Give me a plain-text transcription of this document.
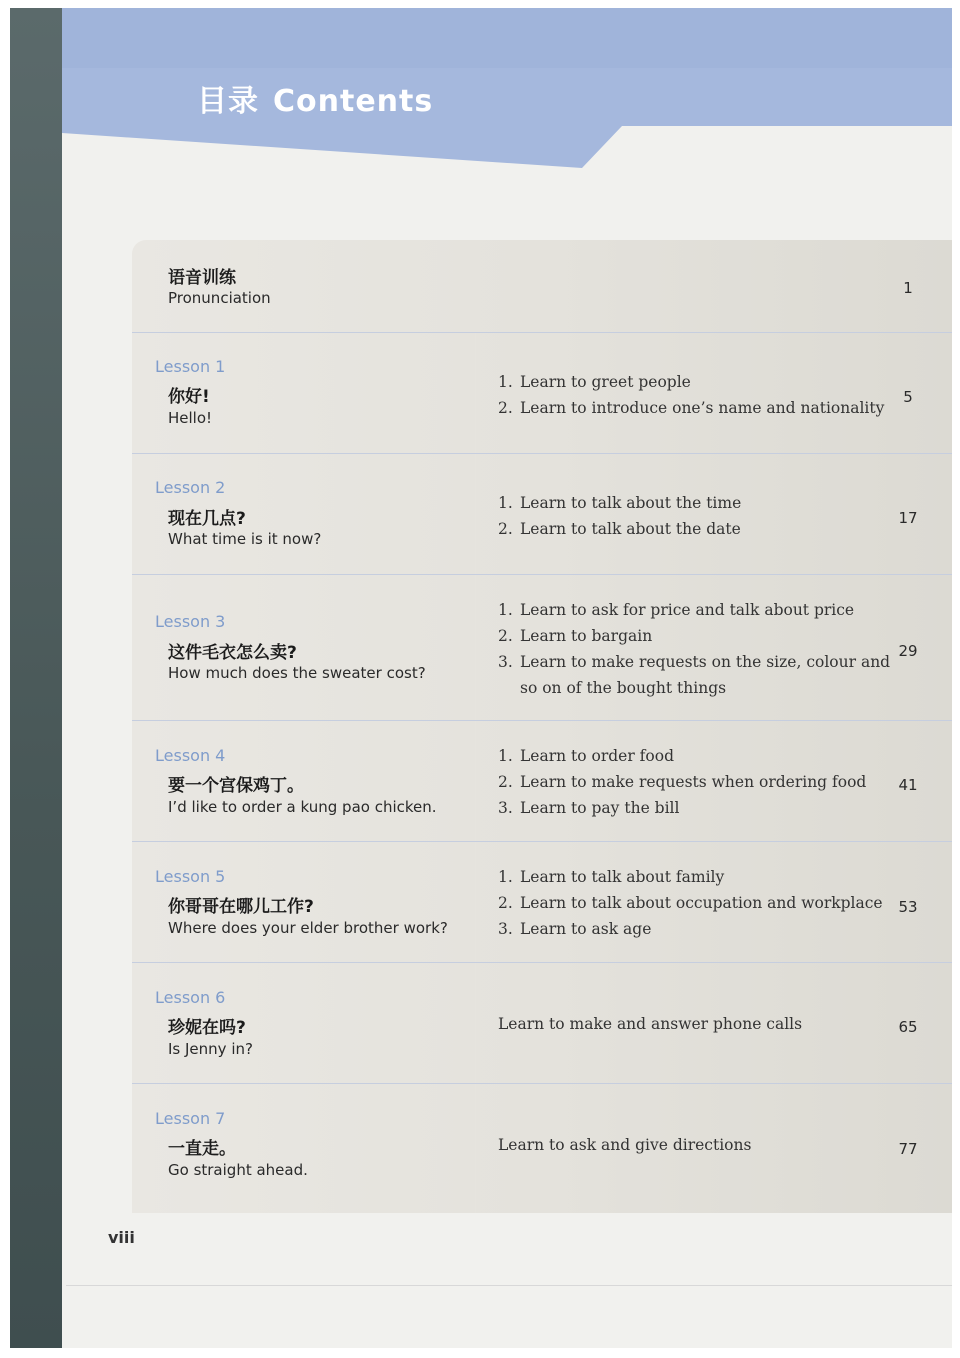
目录 Contents
语音训练
Pronunciation
1
Lesson 1
你好!
Hello!
1. Learn to greet people
2. Learn to introduce one’s name and nationality
5
Lesson 2
现在几点?
What time is it now?
1. Learn to talk about the time
2. Learn to talk about the date
17
Lesson 3
这件毛衣怎么卖?
How much does the sweater cost?
1. Learn to ask for price and talk about price
2. Learn to bargain
3. Learn to make requests on the size, colour and
so on of the bought things
29
Lesson 4
要一个宫保鸡丁。
I’d like to order a kung pao chicken.
1. Learn to order food
2. Learn to make requests when ordering food
3. Learn to pay the bill
41
Lesson 5
你哥哥在哪儿工作?
Where does your elder brother work?
1. Learn to talk about family
2. Learn to talk about occupation and workplace
3. Learn to ask age
53
Lesson 6
珍妮在吗?
Is Jenny in?
Learn to make and answer phone calls	65
Lesson 7
一直走。
Go straight ahead.
Learn to ask and give directions	77
viii
